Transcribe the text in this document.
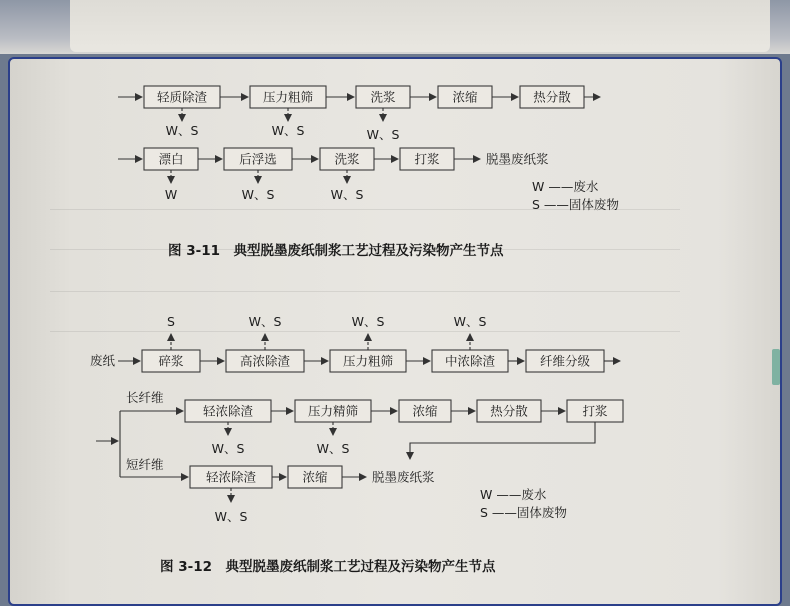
轻质除渣	压力粗筛	洗浆	浓缩	热分散
W、S	W、S	W、S
漂白	后浮选	洗浆	打浆	脱墨废纸浆
W	W、S	W、S
W ——废水
S ——固体废物
图 3-11　典型脱墨废纸制浆工艺过程及污染物产生节点
废纸	碎浆	高浓除渣	压力粗筛	中浓除渣	纤维分级
S	W、S	W、S	W、S
长纤维
短纤维
轻浓除渣	压力精筛	浓缩	热分散	打浆
W、S	W、S
轻浓除渣	浓缩	脱墨废纸浆
W、S
W ——废水
S ——固体废物
图 3-12　典型脱墨废纸制浆工艺过程及污染物产生节点
